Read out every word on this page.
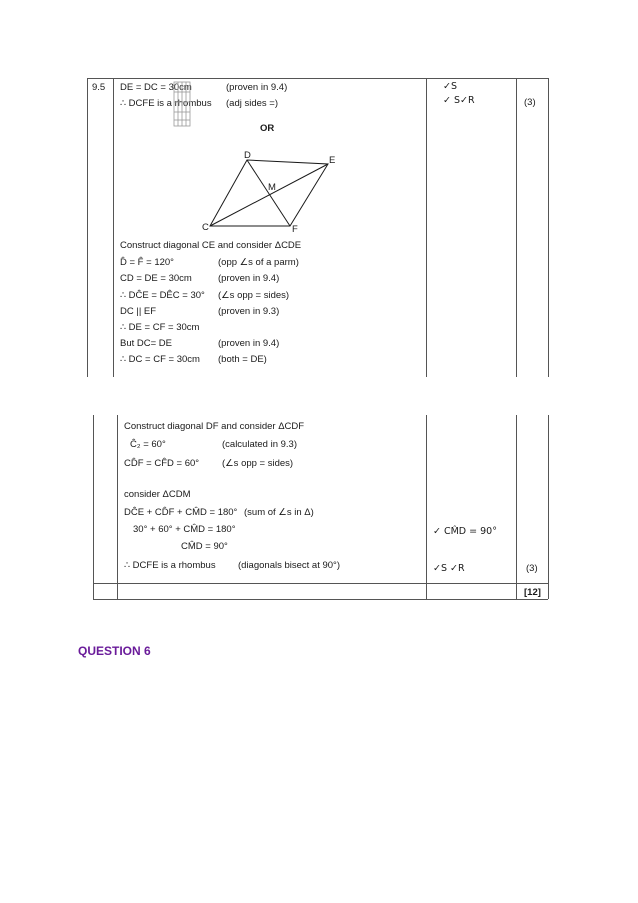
9.5 DE = DC = 30cm	(proven in 9.4)
∴ DCFE is a rhombus (adj sides =)
✓S
✓ S✓R	(3)
OR
D	E
M
C	F
Construct diagonal CE and consider ΔCDE
D̂ = F̂ = 120°	(opp ∠s of a parm)
CD = DE = 30cm	(proven in 9.4)
∴ DĈE = DÊC = 30° (∠s opp = sides)
DC || EF	(proven in 9.3)
∴ DE = CF = 30cm
But DC= DE	(proven in 9.4)
∴ DC = CF = 30cm (both = DE)
Construct diagonal DF and consider ΔCDF
Ĉ₂ = 60°	(calculated in 9.3)
CD̂F = CF̂D = 60° (∠s opp = sides)
consider ΔCDM
DĈE + CD̂F + CM̂D = 180° (sum of ∠s in Δ)
30° + 60° + CM̂D = 180°
CM̂D = 90°
∴ DCFE is a rhombus (diagonals bisect at 90°)
✓ CM̂D = 90°
✓S ✓R	(3)
[12]
QUESTION 6
